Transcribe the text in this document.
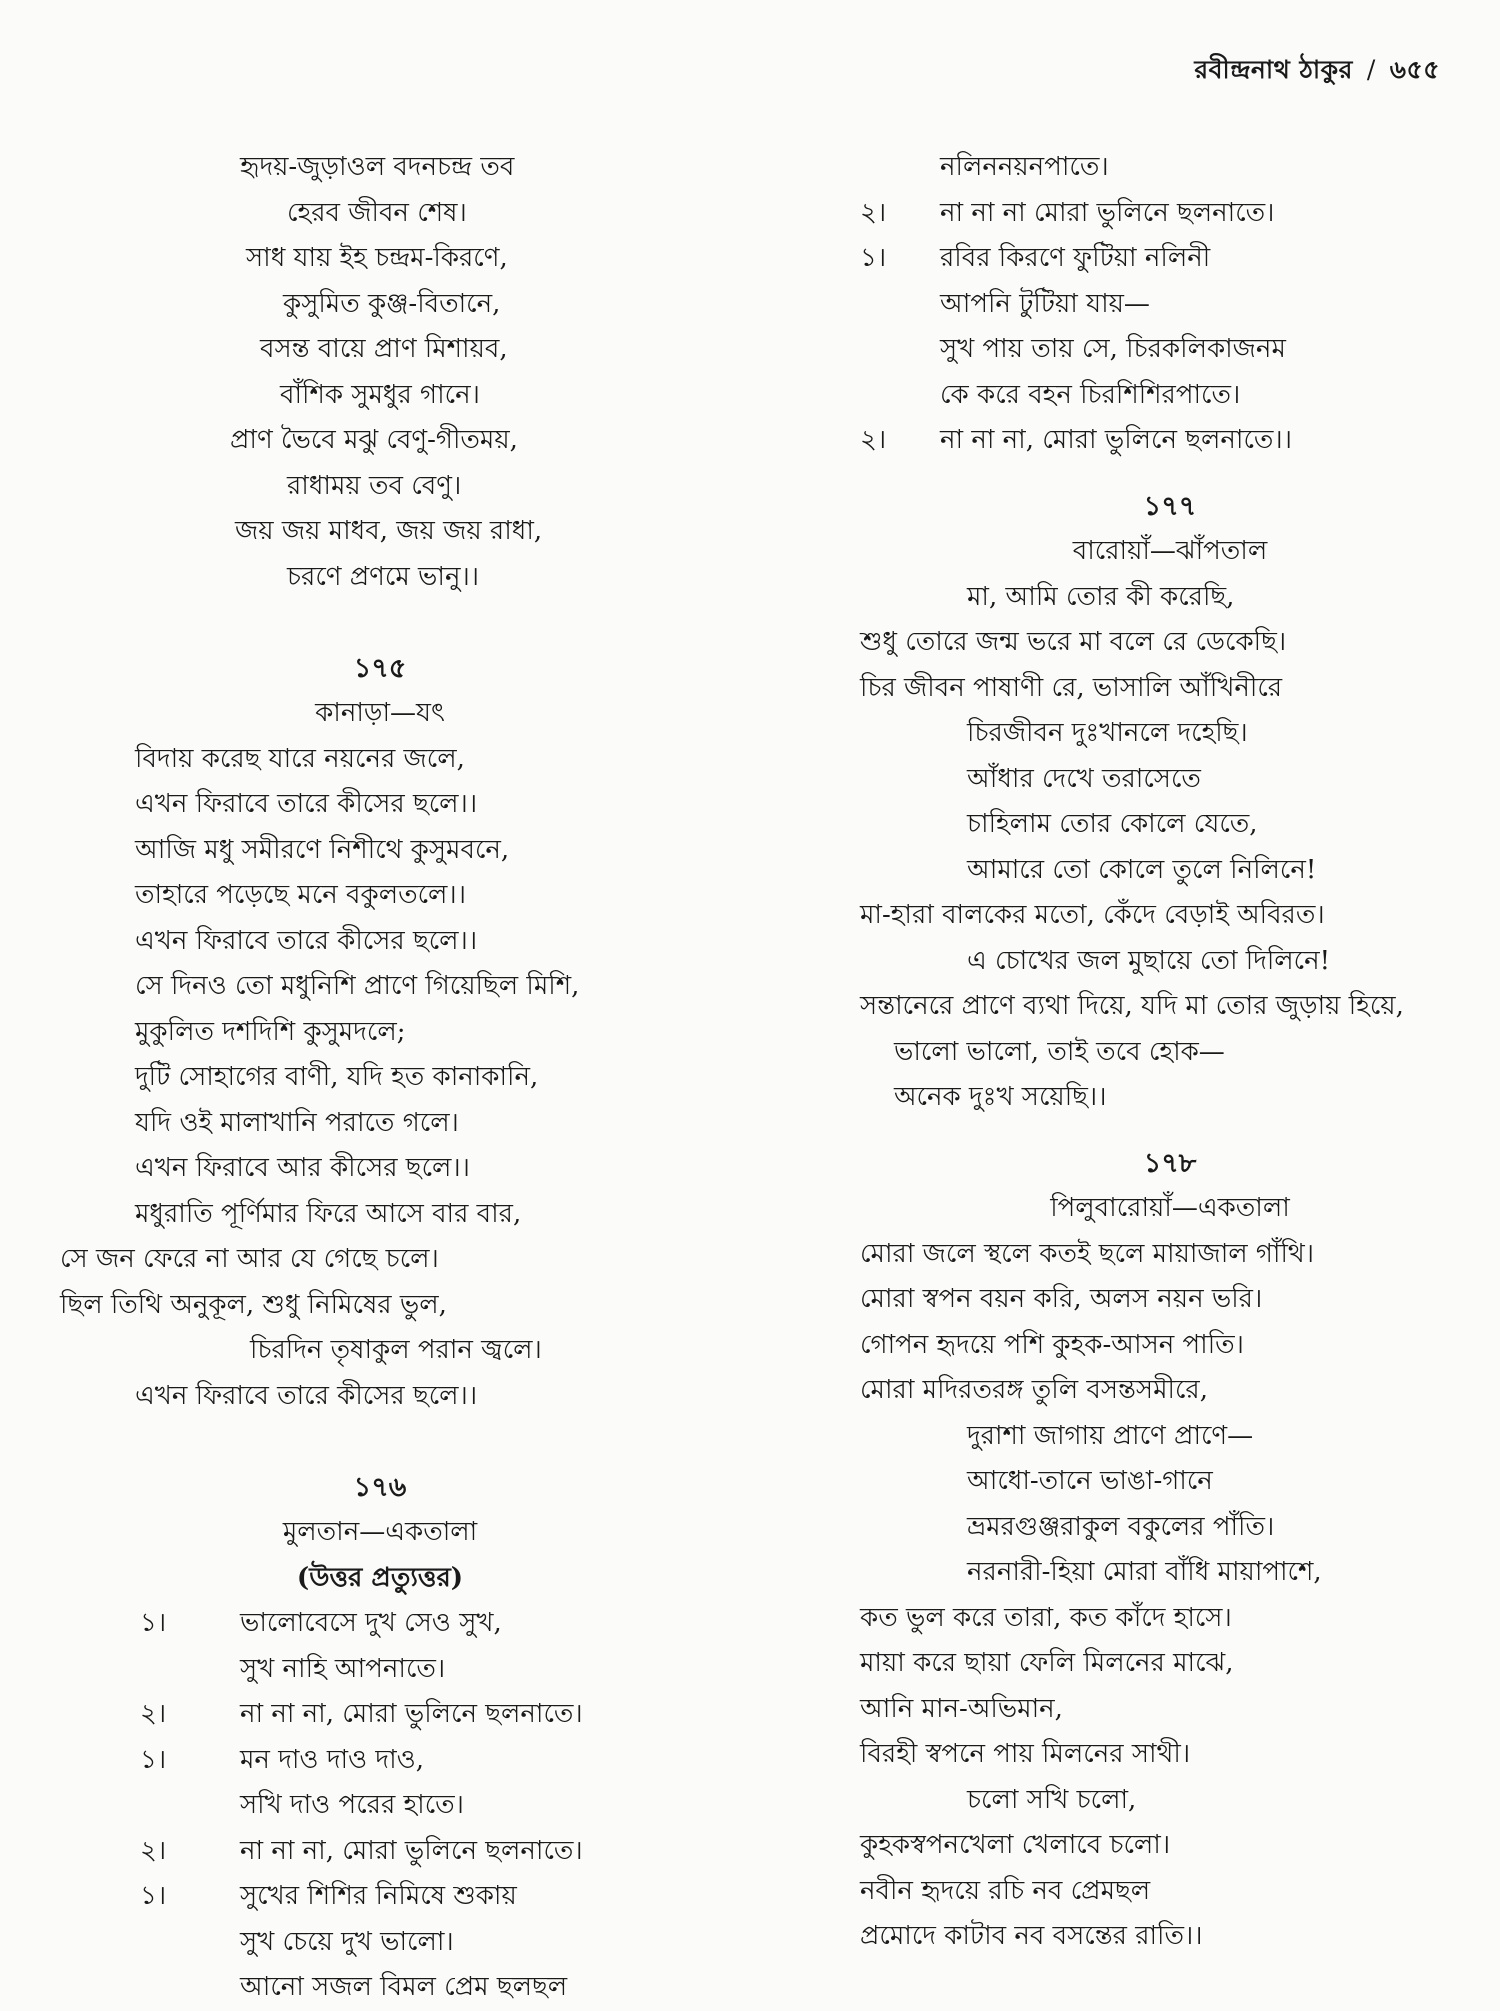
রবীন্দ্রনাথ ঠাকুর / ৬৫৫
হৃদয়-জুড়াওল বদনচন্দ্র তব
হেরব জীবন শেষ।
সাধ যায় ইহ চন্দ্রম-কিরণে,
কুসুমিত কুঞ্জ-বিতানে,
বসন্ত বায়ে প্রাণ মিশায়ব,
বাঁশিক সুমধুর গানে।
প্রাণ ভৈবে মঝু বেণু-গীতময়,
রাধাময় তব বেণু।
জয় জয় মাধব, জয় জয় রাধা,
চরণে প্রণমে ভানু।।
১৭৫
কানাড়া—যৎ
বিদায় করেছ যারে নয়নের জলে,
এখন ফিরাবে তারে কীসের ছলে।।
আজি মধু সমীরণে নিশীথে কুসুমবনে,
তাহারে পড়েছে মনে বকুলতলে।।
এখন ফিরাবে তারে কীসের ছলে।।
সে দিনও তো মধুনিশি প্রাণে গিয়েছিল মিশি,
মুকুলিত দশদিশি কুসুমদলে;
দুটি সোহাগের বাণী, যদি হত কানাকানি,
যদি ওই মালাখানি পরাতে গলে।
এখন ফিরাবে আর কীসের ছলে।।
মধুরাতি পূর্ণিমার ফিরে আসে বার বার,
সে জন ফেরে না আর যে গেছে চলে।
ছিল তিথি অনুকূল, শুধু নিমিষের ভুল,
চিরদিন তৃষাকুল পরান জ্বলে।
এখন ফিরাবে তারে কীসের ছলে।।
১৭৬
মুলতান—একতালা
(উত্তর প্রত্যুত্তর)
১।	ভালোবেসে দুখ সেও সুখ,
সুখ নাহি আপনাতে।
২।	না না না, মোরা ভুলিনে ছলনাতে।
১।	মন দাও দাও দাও,
সখি দাও পরের হাতে।
২।	না না না, মোরা ভুলিনে ছলনাতে।
১।	সুখের শিশির নিমিষে শুকায়
সুখ চেয়ে দুখ ভালো।
আনো সজল বিমল প্রেম ছলছল
নলিননয়নপাতে।
২। না না না মোরা ভুলিনে ছলনাতে।
১। রবির কিরণে ফুটিয়া নলিনী
আপনি টুটিয়া যায়—
সুখ পায় তায় সে, চিরকলিকাজনম
কে করে বহন চিরশিশিরপাতে।
২। না না না, মোরা ভুলিনে ছলনাতে।।
১৭৭
বারোয়াঁ—ঝাঁপতাল
মা, আমি তোর কী করেছি,
শুধু তোরে জন্ম ভরে মা বলে রে ডেকেছি।
চির জীবন পাষাণী রে, ভাসালি আঁখিনীরে
চিরজীবন দুঃখানলে দহেছি।
আঁধার দেখে তরাসেতে
চাহিলাম তোর কোলে যেতে,
আমারে তো কোলে তুলে নিলিনে!
মা-হারা বালকের মতো, কেঁদে বেড়াই অবিরত।
এ চোখের জল মুছায়ে তো দিলিনে!
সন্তানেরে প্রাণে ব্যথা দিয়ে, যদি মা তোর জুড়ায় হিয়ে,
ভালো ভালো, তাই তবে হোক—
অনেক দুঃখ সয়েছি।।
১৭৮
পিলুবারোয়াঁ—একতালা
মোরা জলে স্থলে কতই ছলে মায়াজাল গাঁথি।
মোরা স্বপন বয়ন করি, অলস নয়ন ভরি।
গোপন হৃদয়ে পশি কুহক-আসন পাতি।
মোরা মদিরতরঙ্গ তুলি বসন্তসমীরে,
দুরাশা জাগায় প্রাণে প্রাণে—
আধো-তানে ভাঙা-গানে
ভ্রমরগুঞ্জরাকুল বকুলের পাঁতি।
নরনারী-হিয়া মোরা বাঁধি মায়াপাশে,
কত ভুল করে তারা, কত কাঁদে হাসে।
মায়া করে ছায়া ফেলি মিলনের মাঝে,
আনি মান-অভিমান,
বিরহী স্বপনে পায় মিলনের সাথী।
চলো সখি চলো,
কুহকস্বপনখেলা খেলাবে চলো।
নবীন হৃদয়ে রচি নব প্রেমছল
প্রমোদে কাটাব নব বসন্তের রাতি।।
